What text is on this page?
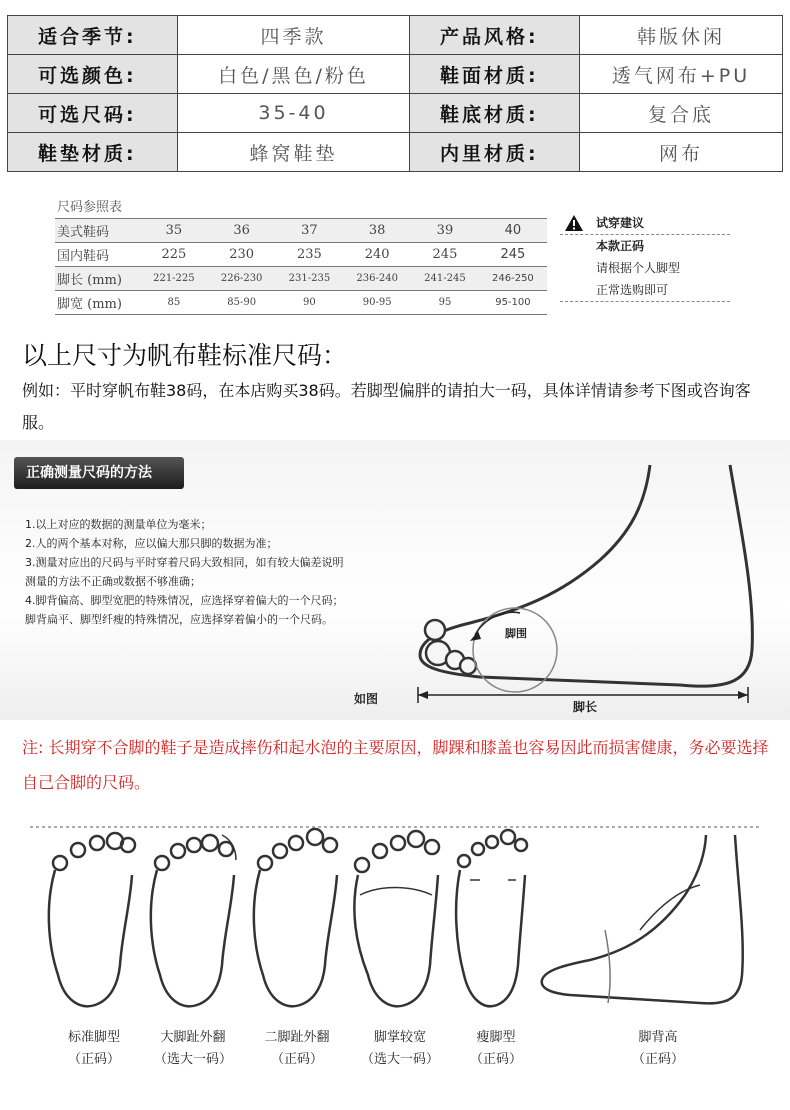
适合季节:	四季款	产品风格:	韩版休闲
可选颜色:	白色/黑色/粉色	鞋面材质:	透气网布+PU
可选尺码:	35-40	鞋底材质:	复合底
鞋垫材质:	蜂窝鞋垫	内里材质:	网布
尺码参照表
美式鞋码	35	36	37	38	39	40
国内鞋码	225	230	235	240	245	245
脚长 (mm)	221-225	226-230	231-235	236-240	241-245	246-250
脚宽 (mm)	85	85-90	90	90-95	95	95-100
试穿建议
本款正码
请根据个人脚型
正常选购即可
以上尺寸为帆布鞋标准尺码：
例如：平时穿帆布鞋38码，在本店购买38码。若脚型偏胖的请拍大一码，具体详情请参考下图或咨询客服。
正确测量尺码的方法
1.以上对应的数据的测量单位为毫米；
2.人的两个基本对称，应以偏大那只脚的数据为准；
3.测量对应出的尺码与平时穿着尺码大致相同，如有较大偏差说明
测量的方法不正确或数据不够准确；
4.脚背偏高、脚型宽肥的特殊情况，应选择穿着偏大的一个尺码；
脚背扁平、脚型纤瘦的特殊情况，应选择穿着偏小的一个尺码。
如图
脚围
脚长
注: 长期穿不合脚的鞋子是造成摔伤和起水泡的主要原因，脚踝和膝盖也容易因此而损害健康，务必要选择自己合脚的尺码。
标准脚型
（正码）
大脚趾外翻
（选大一码）
二脚趾外翻
（正码）
脚掌较宽
（选大一码）
瘦脚型
（正码）
脚背高
（正码）
